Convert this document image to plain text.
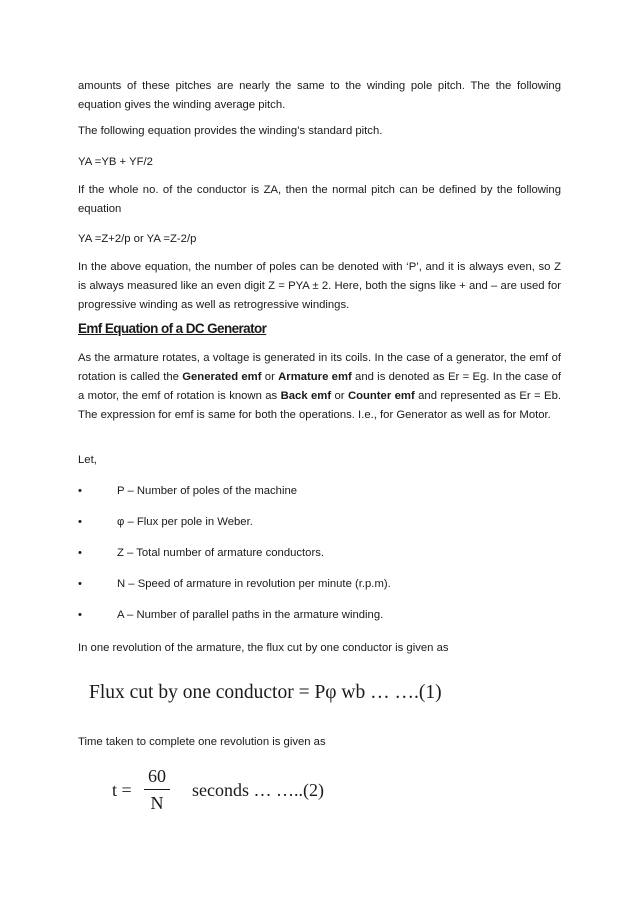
amounts of these pitches are nearly the same to the winding pole pitch. The the following equation gives the winding average pitch.

The following equation provides the winding’s standard pitch.

YA =YB + YF/2

If the whole no. of the conductor is ZA, then the normal pitch can be defined by the following equation

YA =Z+2/p or YA =Z-2/p

In the above equation, the number of poles can be denoted with ‘P’, and it is always even, so Z is always measured like an even digit Z = PYA ± 2. Here, both the signs like + and – are used for progressive winding as well as retrogressive windings.

Emf Equation of a DC Generator

As the armature rotates, a voltage is generated in its coils. In the case of a generator, the emf of rotation is called the Generated emf or Armature emf and is denoted as Er = Eg. In the case of a motor, the emf of rotation is known as Back emf or Counter emf and represented as Er = Eb. The expression for emf is same for both the operations. I.e., for Generator as well as for Motor.

Let,

•	P – Number of poles of the machine
•	φ – Flux per pole in Weber.
•	Z – Total number of armature conductors.
•	N – Speed of armature in revolution per minute (r.p.m).
•	A – Number of parallel paths in the armature winding.

In one revolution of the armature, the flux cut by one conductor is given as

Flux cut by one conductor = Pφ wb … ….(1)

Time taken to complete one revolution is given as

t =
60
N
seconds … …..(2)
